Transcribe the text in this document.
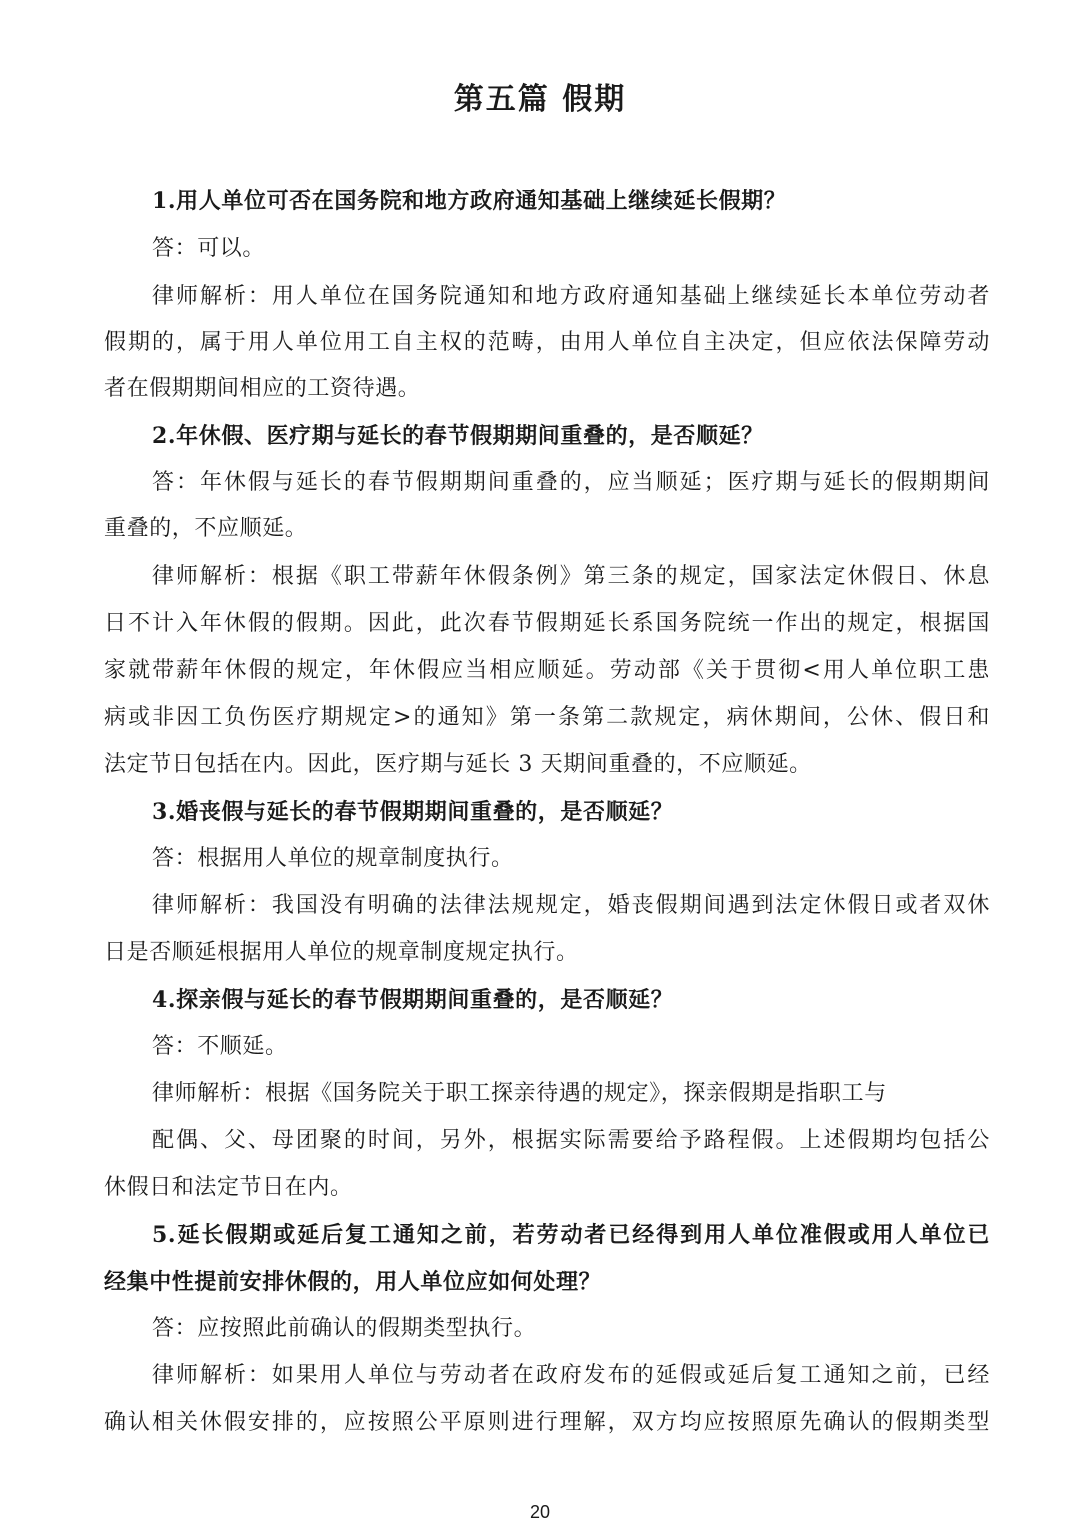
第五篇 假期
1.用人单位可否在国务院和地方政府通知基础上继续延长假期？
答：可以。
律师解析：用人单位在国务院通知和地方政府通知基础上继续延长本单位劳动者
假期的，属于用人单位用工自主权的范畴，由用人单位自主决定，但应依法保障劳动
者在假期期间相应的工资待遇。
2.年休假、医疗期与延长的春节假期期间重叠的，是否顺延？
答：年休假与延长的春节假期期间重叠的，应当顺延；医疗期与延长的假期期间
重叠的，不应顺延。
律师解析：根据《职工带薪年休假条例》第三条的规定，国家法定休假日、休息
日不计入年休假的假期。因此，此次春节假期延长系国务院统一作出的规定，根据国
家就带薪年休假的规定，年休假应当相应顺延。劳动部《关于贯彻<用人单位职工患
病或非因工负伤医疗期规定>的通知》第一条第二款规定，病休期间，公休、假日和
法定节日包括在内。因此，医疗期与延长 3 天期间重叠的，不应顺延。
3.婚丧假与延长的春节假期期间重叠的，是否顺延？
答：根据用人单位的规章制度执行。
律师解析：我国没有明确的法律法规规定，婚丧假期间遇到法定休假日或者双休
日是否顺延根据用人单位的规章制度规定执行。
4.探亲假与延长的春节假期期间重叠的，是否顺延？
答：不顺延。
律师解析：根据《国务院关于职工探亲待遇的规定》，探亲假期是指职工与
配偶、父、母团聚的时间，另外，根据实际需要给予路程假。上述假期均包括公
休假日和法定节日在内。
5.延长假期或延后复工通知之前，若劳动者已经得到用人单位准假或用人单位已
经集中性提前安排休假的，用人单位应如何处理？
答：应按照此前确认的假期类型执行。
律师解析：如果用人单位与劳动者在政府发布的延假或延后复工通知之前，已经
确认相关休假安排的，应按照公平原则进行理解，双方均应按照原先确认的假期类型
20
